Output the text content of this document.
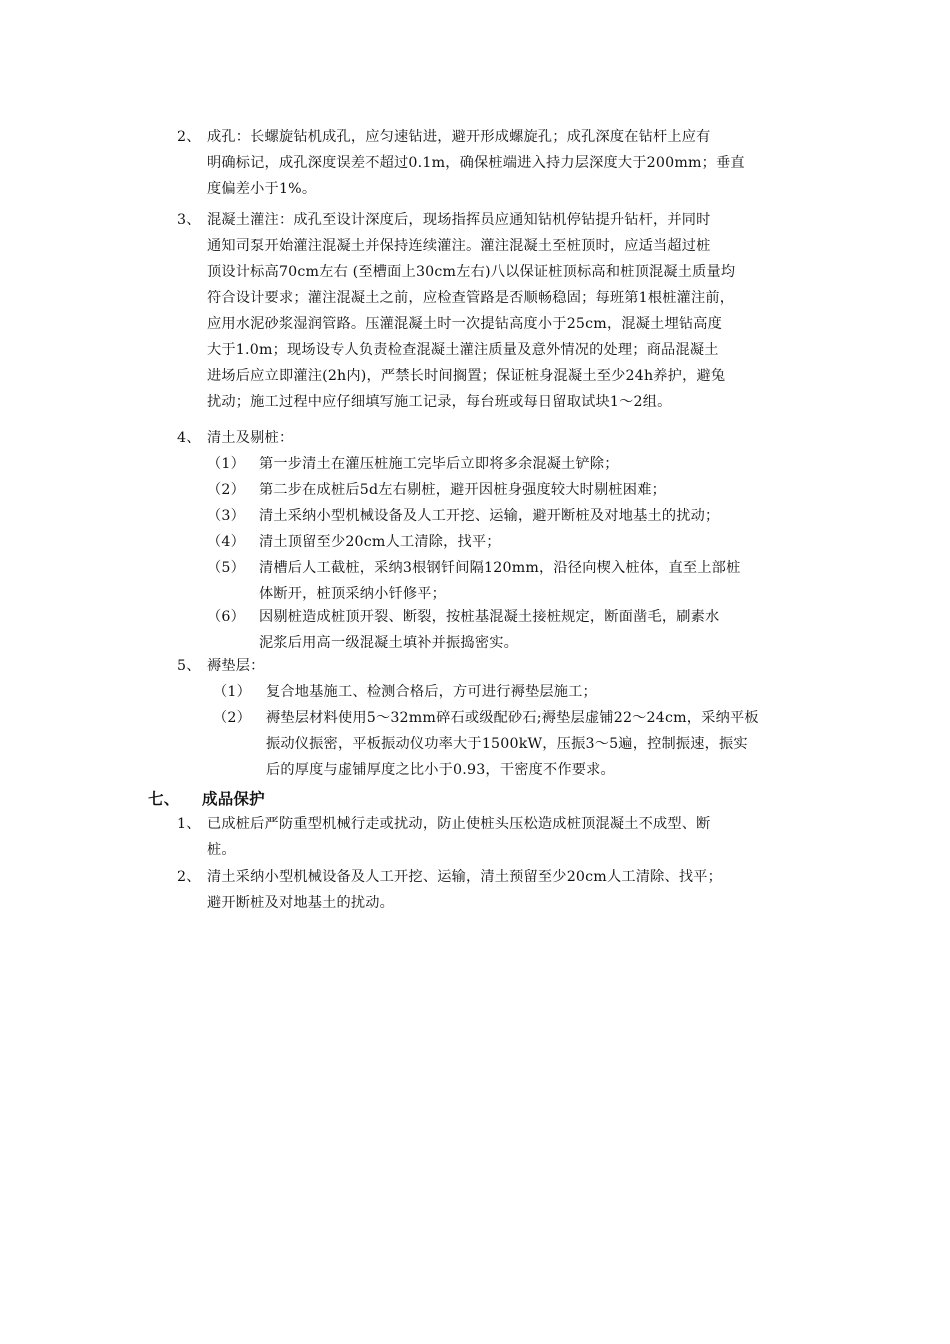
2、 成孔：长螺旋钻机成孔，应匀速钻进，避开形成螺旋孔；成孔深度在钻杆上应有
明确标记，成孔深度误差不超过0.1m，确保桩端进入持力层深度大于200mm；垂直
度偏差小于1%。
3、 混凝土灌注：成孔至设计深度后，现场指挥员应通知钻机停钻提升钻杆，并同时
通知司泵开始灌注混凝土并保持连续灌注。灌注混凝土至桩顶时，应适当超过桩
顶设计标高70cm左右 (至槽面上30cm左右)八以保证桩顶标高和桩顶混凝土质量均
符合设计要求；灌注混凝土之前，应检查管路是否顺畅稳固；每班第1根桩灌注前，
应用水泥砂浆湿润管路。压灌混凝土时一次提钻高度小于25cm，混凝土埋钻高度
大于1.0m；现场设专人负责检查混凝土灌注质量及意外情况的处理；商品混凝土
进场后应立即灌注(2h内)，严禁长时间搁置；保证桩身混凝土至少24h养护，避兔
扰动；施工过程中应仔细填写施工记录，每台班或每日留取试块1～2组。
4、 清土及剔桩：
（1） 第一步清土在灌压桩施工完毕后立即将多余混凝土铲除；
（2） 第二步在成桩后5d左右剔桩，避开因桩身强度较大时剔桩困难；
（3） 清土采纳小型机械设备及人工开挖、运输，避开断桩及对地基土的扰动；
（4） 清土顶留至少20cm人工清除，找平；
（5） 清槽后人工截桩，采纳3根钢钎间隔120mm，沿径向楔入桩体，直至上部桩
体断开，桩顶采纳小钎修平；
（6） 因剔桩造成桩顶开裂、断裂，按桩基混凝土接桩规定，断面凿毛，刷素水
泥浆后用高一级混凝土填补并振捣密实。
5、 褥垫层：
（1） 复合地基施工、检测合格后，方可进行褥垫层施工；
（2） 褥垫层材料使用5～32mm碎石或级配砂石;褥垫层虚铺22～24cm，采纳平板
振动仪振密，平板振动仪功率大于1500kW，压振3～5遍，控制振速，振实
后的厚度与虚铺厚度之比小于0.93，干密度不作要求。
七、 成品保护
1、 已成桩后严防重型机械行走或扰动，防止使桩头压松造成桩顶混凝土不成型、断
桩。
2、 清土采纳小型机械设备及人工开挖、运输，清土预留至少20cm人工清除、找平；
避开断桩及对地基土的扰动。
